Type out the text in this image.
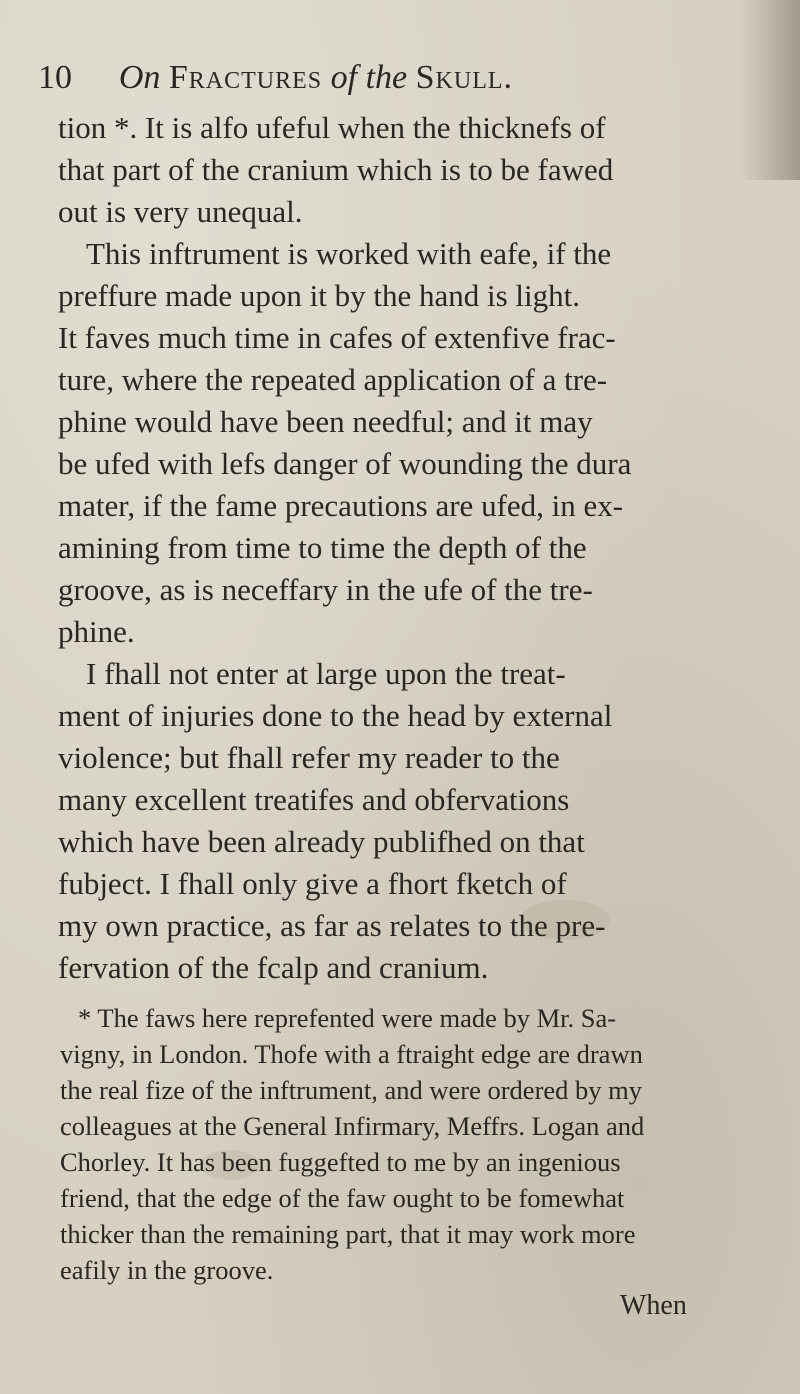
10 On Fractures of the Skull.
tion *. It is alfo ufeful when the thicknefs of
that part of the cranium which is to be fawed
out is very unequal.
This inftrument is worked with eafe, if the
preffure made upon it by the hand is light.
It faves much time in cafes of extenfive frac-
ture, where the repeated application of a tre-
phine would have been needful; and it may
be ufed with lefs danger of wounding the dura
mater, if the fame precautions are ufed, in ex-
amining from time to time the depth of the
groove, as is neceffary in the ufe of the tre-
phine.
I fhall not enter at large upon the treat-
ment of injuries done to the head by external
violence; but fhall refer my reader to the
many excellent treatifes and obfervations
which have been already publifhed on that
fubject. I fhall only give a fhort fketch of
my own practice, as far as relates to the pre-
fervation of the fcalp and cranium.
* The faws here reprefented were made by Mr. Sa-
vigny, in London. Thofe with a ftraight edge are drawn
the real fize of the inftrument, and were ordered by my
colleagues at the General Infirmary, Meffrs. Logan and
Chorley. It has been fuggefted to me by an ingenious
friend, that the edge of the faw ought to be fomewhat
thicker than the remaining part, that it may work more
eafily in the groove.
When
